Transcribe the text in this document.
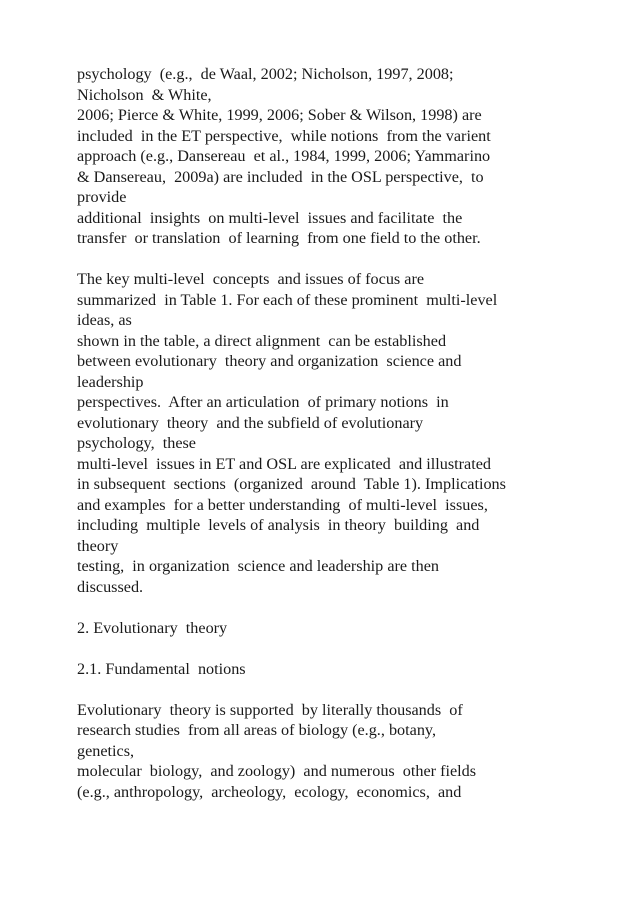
psychology  (e.g.,  de Waal, 2002; Nicholson, 1997, 2008;
Nicholson  & White,
2006; Pierce & White, 1999, 2006; Sober & Wilson, 1998) are
included  in the ET perspective,  while notions  from the varient
approach (e.g., Dansereau  et al., 1984, 1999, 2006; Yammarino
& Dansereau,  2009a) are included  in the OSL perspective,  to
provide
additional  insights  on multi-level  issues and facilitate  the
transfer  or translation  of learning  from one field to the other.

The key multi-level  concepts  and issues of focus are
summarized  in Table 1. For each of these prominent  multi-level
ideas, as
shown in the table, a direct alignment  can be established
between evolutionary  theory and organization  science and
leadership
perspectives.  After an articulation  of primary notions  in
evolutionary  theory  and the subfield of evolutionary
psychology,  these
multi-level  issues in ET and OSL are explicated  and illustrated
in subsequent  sections  (organized  around  Table 1). Implications
and examples  for a better understanding  of multi-level  issues,
including  multiple  levels of analysis  in theory  building  and
theory
testing,  in organization  science and leadership are then
discussed.

2. Evolutionary  theory

2.1. Fundamental  notions

Evolutionary  theory is supported  by literally thousands  of
research studies  from all areas of biology (e.g., botany,
genetics,
molecular  biology,  and zoology)  and numerous  other fields
(e.g., anthropology,  archeology,  ecology,  economics,  and
